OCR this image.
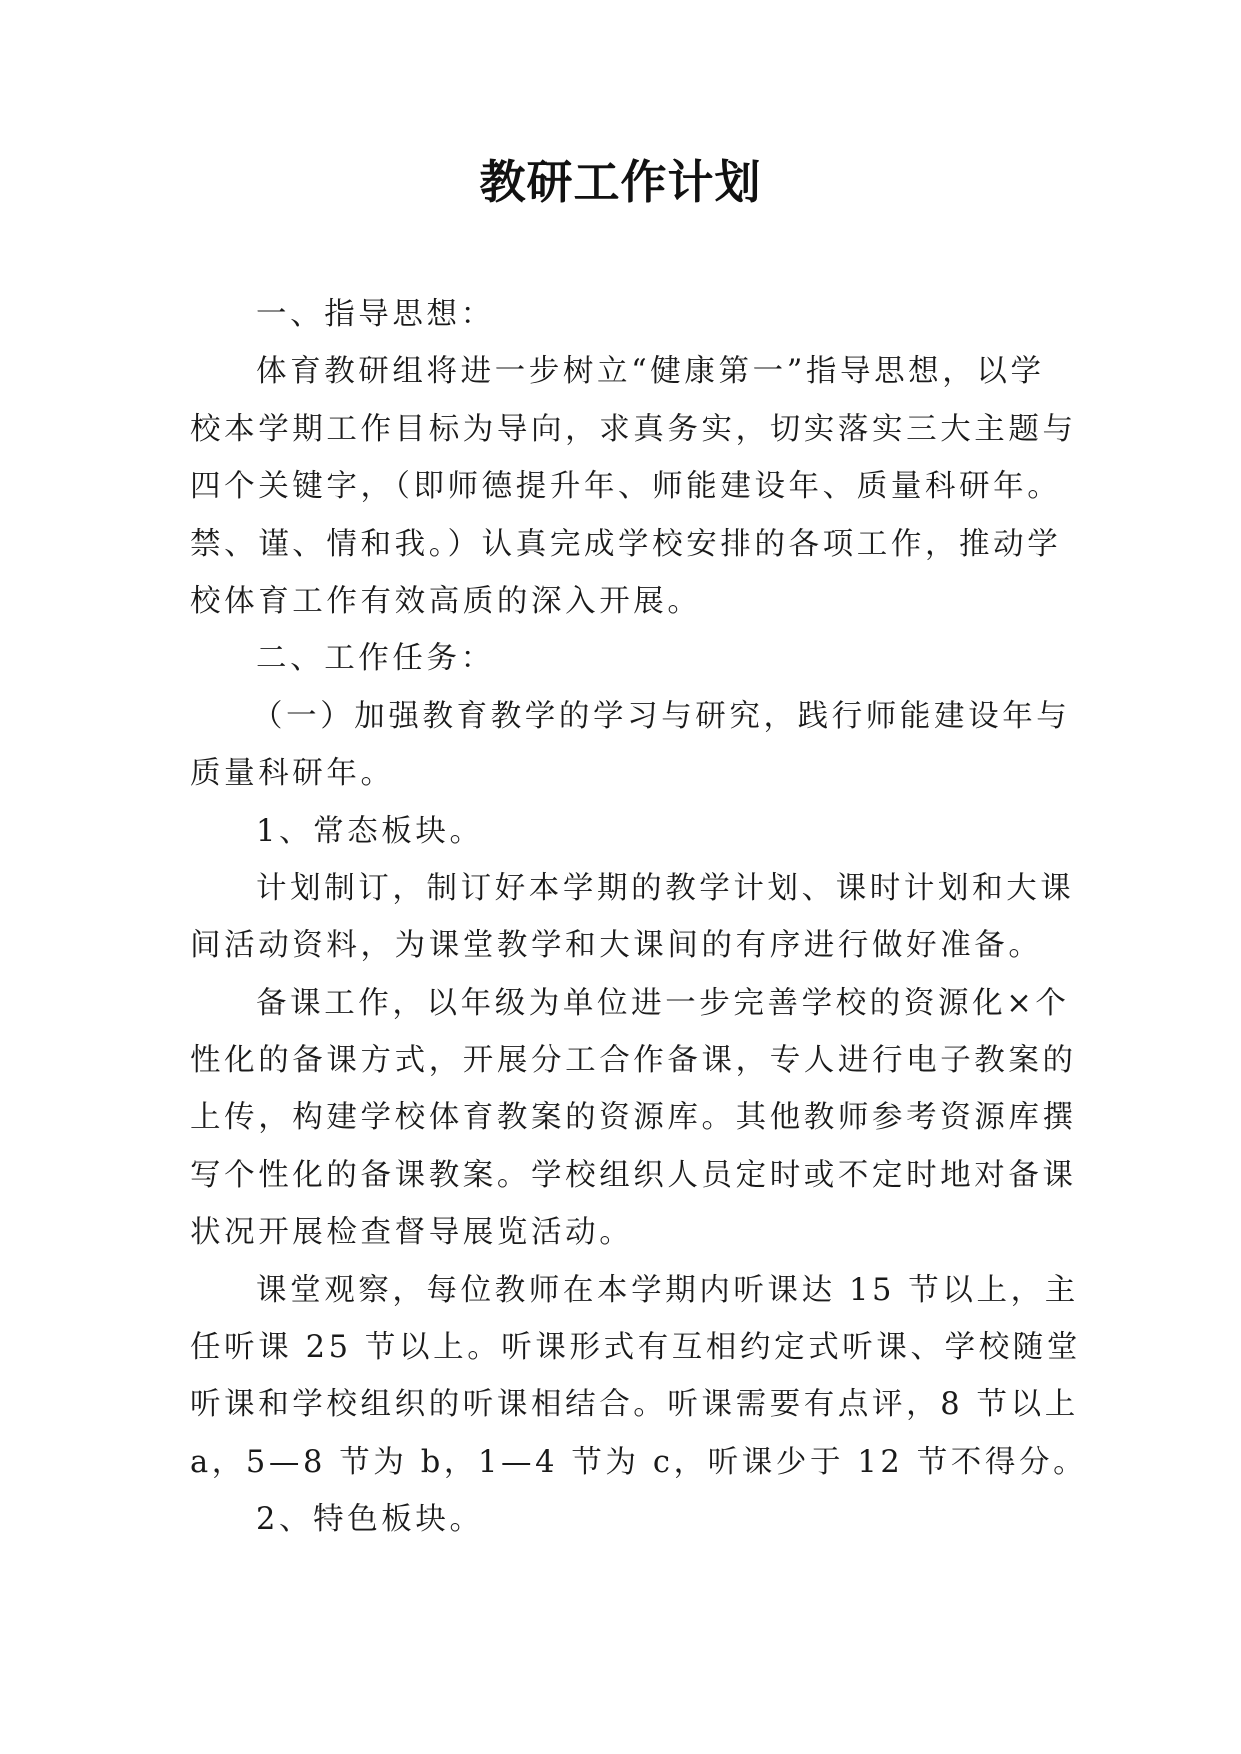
教研工作计划

一、指导思想：

体育教研组将进一步树立“健康第一”指导思想，以学

校本学期工作目标为导向，求真务实，切实落实三大主题与

四个关键字，（即师德提升年、师能建设年、质量科研年。

禁、谨、情和我。）认真完成学校安排的各项工作，推动学

校体育工作有效高质的深入开展。

二、工作任务：

（一）加强教育教学的学习与研究，践行师能建设年与

质量科研年。

1、常态板块。

计划制订，制订好本学期的教学计划、课时计划和大课

间活动资料，为课堂教学和大课间的有序进行做好准备。

备课工作，以年级为单位进一步完善学校的资源化×个

性化的备课方式，开展分工合作备课，专人进行电子教案的

上传，构建学校体育教案的资源库。其他教师参考资源库撰

写个性化的备课教案。学校组织人员定时或不定时地对备课

状况开展检查督导展览活动。

课堂观察，每位教师在本学期内听课达 15 节以上，主

任听课 25 节以上。听课形式有互相约定式听课、学校随堂

听课和学校组织的听课相结合。听课需要有点评，8 节以上

a，5—8 节为 b，1—4 节为 c，听课少于 12 节不得分。

2、特色板块。
